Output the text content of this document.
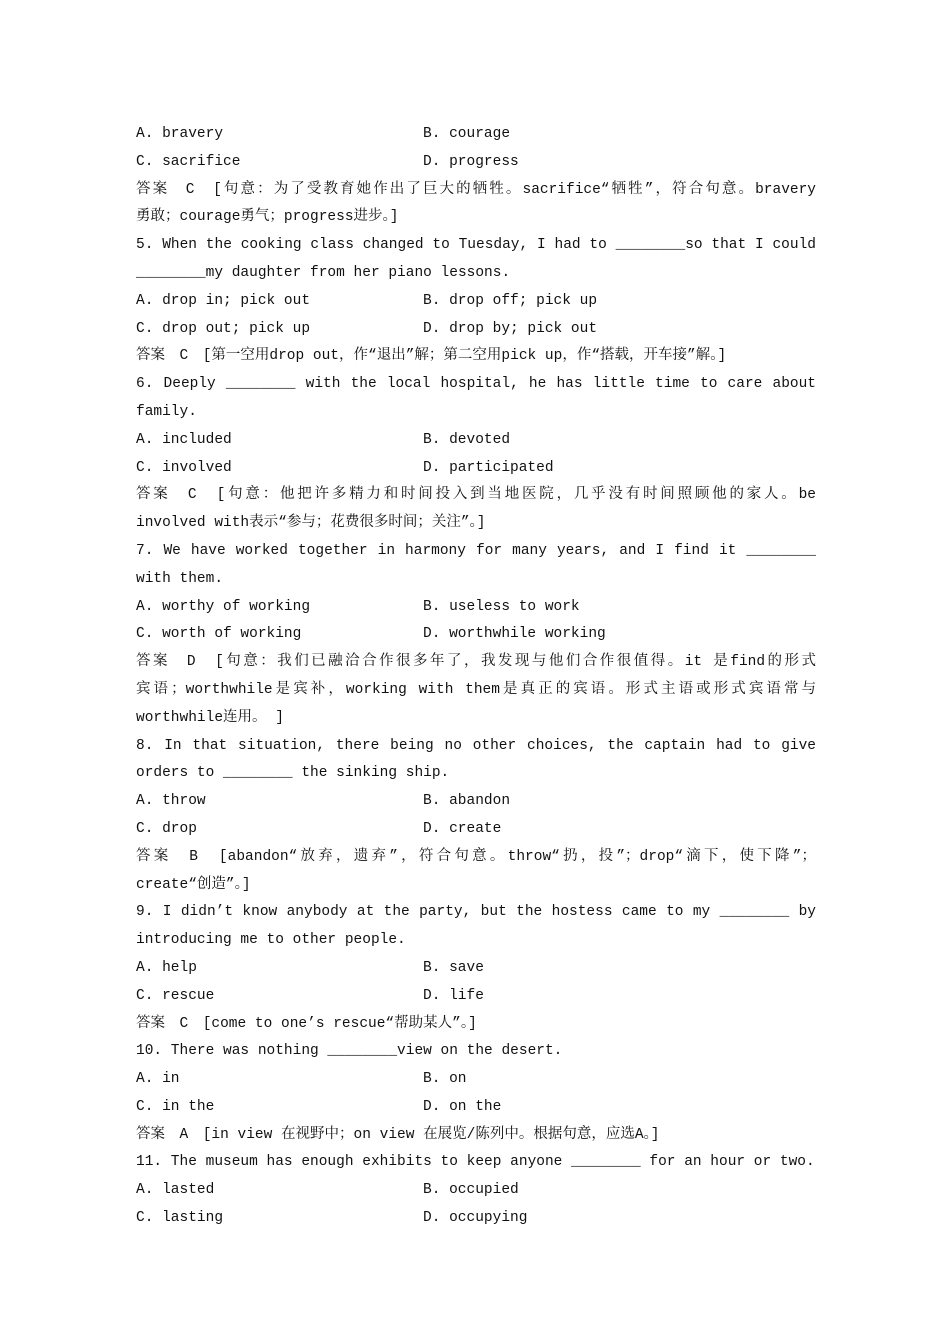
A. bravery	B. courage
C. sacrifice	D. progress
答案　C　[句意：为了受教育她作出了巨大的牺牲。sacrifice“牺牲”，符合句意。bravery
勇敢；courage勇气；progress进步。]
5. When the cooking class changed to Tuesday, I had to ________so that I could
________my daughter from her piano lessons.
A. drop in; pick out	B. drop off; pick up
C. drop out; pick up	D. drop by; pick out
答案　C　[第一空用drop out，作“退出”解；第二空用pick up，作“搭载，开车接”解。]
6. Deeply ________ with the local hospital, he has little time to care about
family.
A. included	B. devoted
C. involved	D. participated
答案　C　[句意：他把许多精力和时间投入到当地医院，几乎没有时间照顾他的家人。be
involved with表示“参与；花费很多时间；关注”。]
7. We have worked together in harmony for many years, and I find it ________
with them.
A. worthy of working	B. useless to work
C. worth of working	D. worthwhile working
答案　D　[句意：我们已融洽合作很多年了，我发现与他们合作很值得。it 是find的形式
宾语；worthwhile是宾补，working with them是真正的宾语。形式主语或形式宾语常与
worthwhile连用。 ]
8. In that situation, there being no other choices, the captain had to give
orders to ________ the sinking ship.
A. throw	B. abandon
C. drop	D. create
答案　B　[abandon“放弃，遗弃”，符合句意。throw“扔，投”；drop“滴下，使下降”；
create“创造”。]
9. I didn’t know anybody at the party, but the hostess came to my ________ by
introducing me to other people.
A. help	B. save
C. rescue	D. life
答案　C　[come to one’s rescue“帮助某人”。]
10. There was nothing ________view on the desert.
A. in	B. on
C. in the	D. on the
答案　A　[in view 在视野中；on view 在展览/陈列中。根据句意，应选A。]
11. The museum has enough exhibits to keep anyone ________ for an hour or two.
A. lasted	B. occupied
C. lasting	D. occupying
